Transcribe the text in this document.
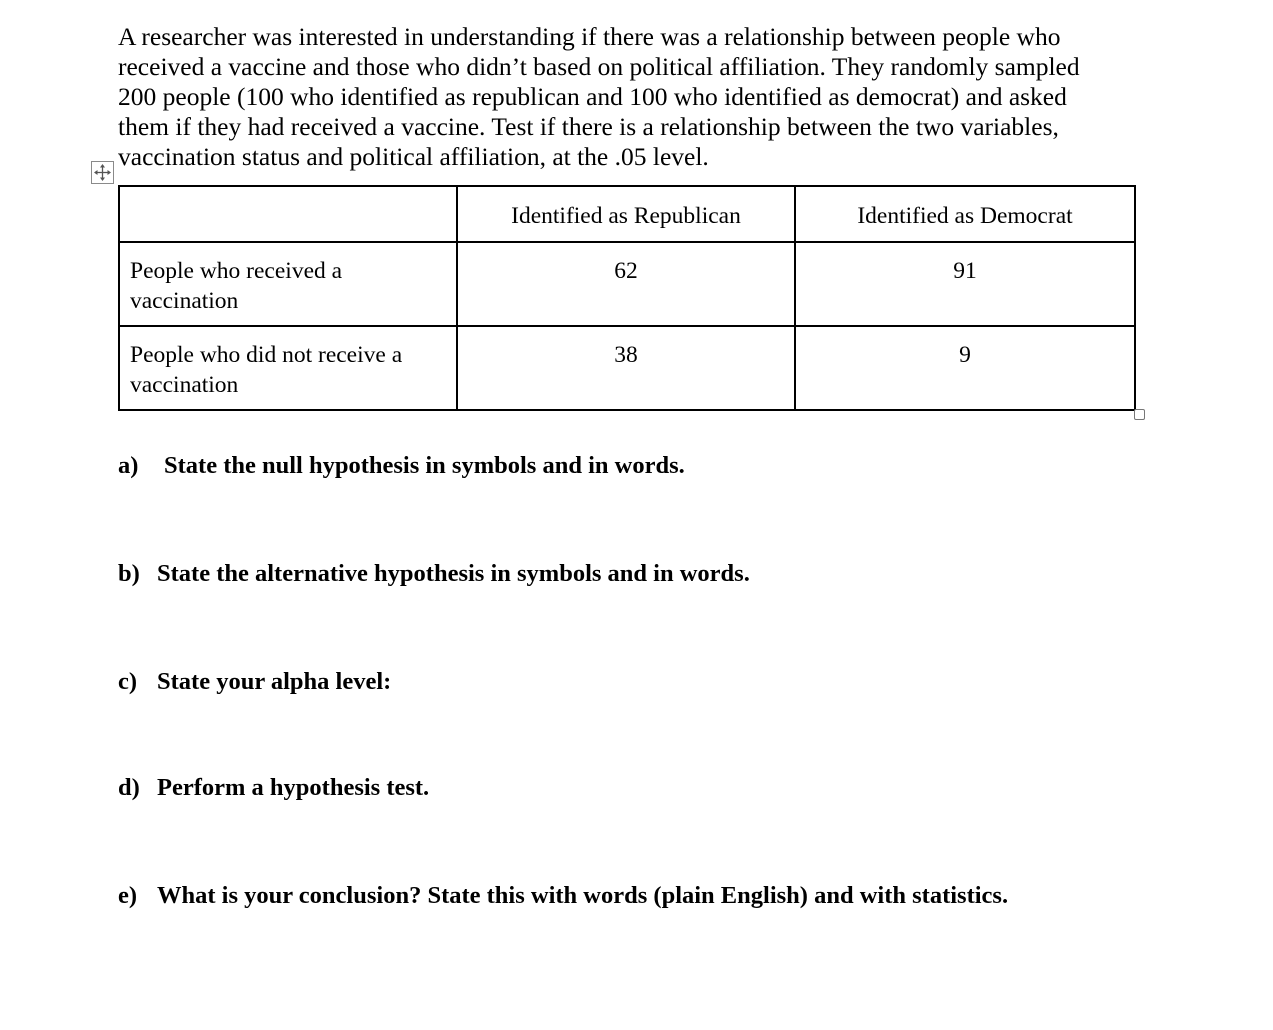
A researcher was interested in understanding if there was a relationship between people who
received a vaccine and those who didn’t based on political affiliation. They randomly sampled
200 people (100 who identified as republican and 100 who identified as democrat) and asked
them if they had received a vaccine. Test if there is a relationship between the two variables,
vaccination status and political affiliation, at the .05 level.

	Identified as Republican	Identified as Democrat

People who received a vaccination	62	91

People who did not receive a vaccination	38	9
a) State the null hypothesis in symbols and in words.
b) State the alternative hypothesis in symbols and in words.
c) State your alpha level:
d) Perform a hypothesis test.
e) What is your conclusion? State this with words (plain English) and with statistics.
